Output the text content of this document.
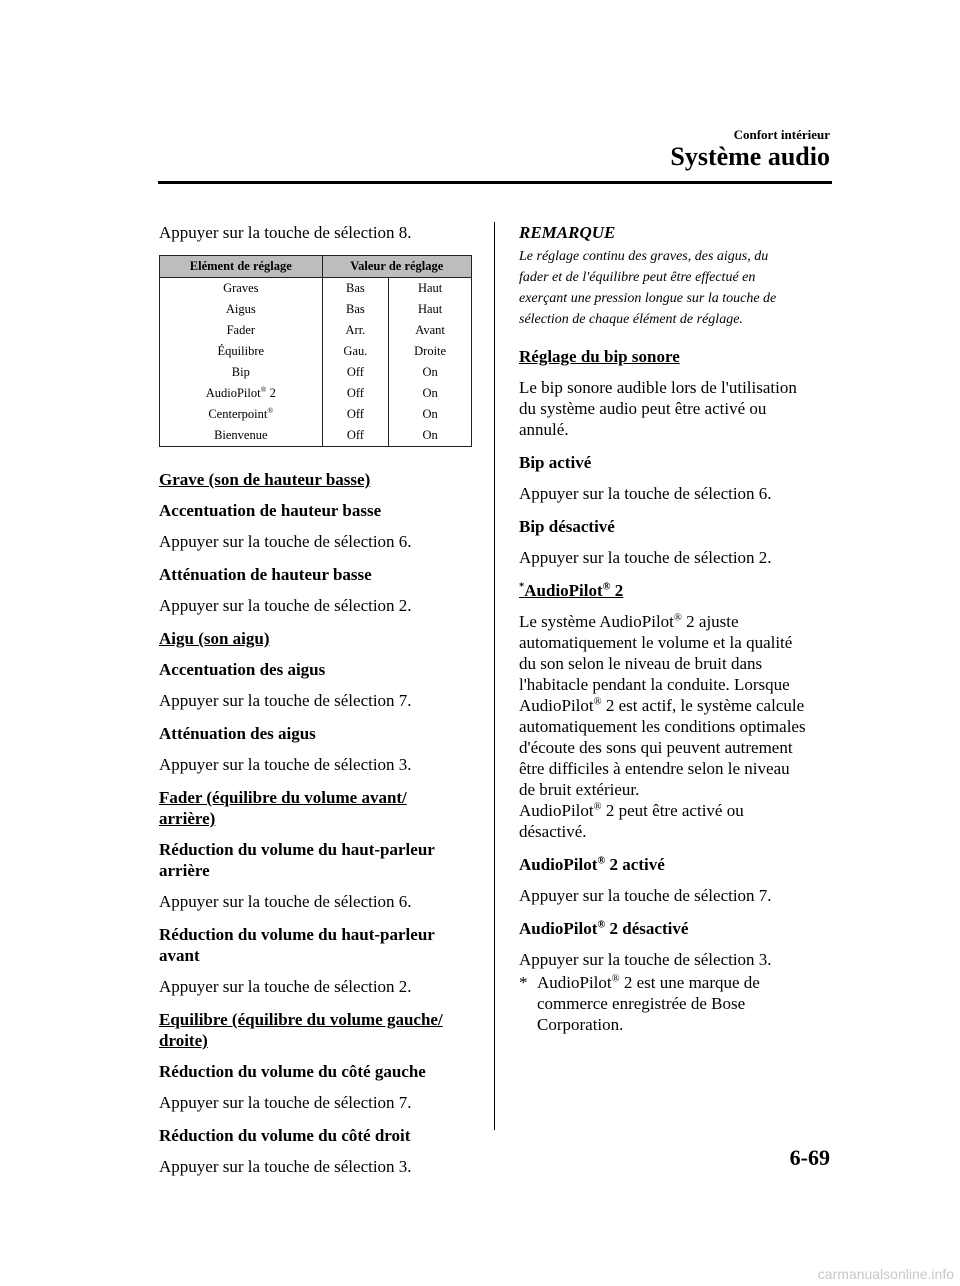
Confort intérieur
Système audio

Appuyer sur la touche de sélection 8.

Elément de réglage	Valeur de réglage	
Graves	Bas	Haut
Aigus	Bas	Haut
Fader	Arr.	Avant
Équilibre	Gau.	Droite
Bip	Off	On
AudioPilot® 2	Off	On
Centerpoint®	Off	On
Bienvenue	Off	On

Grave (son de hauteur basse)

Accentuation de hauteur basse

Appuyer sur la touche de sélection 6.

Atténuation de hauteur basse

Appuyer sur la touche de sélection 2.

Aigu (son aigu)

Accentuation des aigus

Appuyer sur la touche de sélection 7.

Atténuation des aigus

Appuyer sur la touche de sélection 3.

Fader (équilibre du volume avant/
arrière)

Réduction du volume du haut-parleur
arrière

Appuyer sur la touche de sélection 6.

Réduction du volume du haut-parleur
avant

Appuyer sur la touche de sélection 2.

Equilibre (équilibre du volume gauche/
droite)

Réduction du volume du côté gauche

Appuyer sur la touche de sélection 7.

Réduction du volume du côté droit

Appuyer sur la touche de sélection 3.

REMARQUE

Le réglage continu des graves, des aigus, du
fader et de l'équilibre peut être effectué en
exerçant une pression longue sur la touche de
sélection de chaque élément de réglage.

Réglage du bip sonore

Le bip sonore audible lors de l'utilisation
du système audio peut être activé ou
annulé.

Bip activé

Appuyer sur la touche de sélection 6.

Bip désactivé

Appuyer sur la touche de sélection 2.

*AudioPilot® 2

Le système AudioPilot® 2 ajuste
automatiquement le volume et la qualité
du son selon le niveau de bruit dans
l'habitacle pendant la conduite. Lorsque
AudioPilot® 2 est actif, le système calcule
automatiquement les conditions optimales
d'écoute des sons qui peuvent autrement
être difficiles à entendre selon le niveau
de bruit extérieur.
AudioPilot® 2 peut être activé ou
désactivé.

AudioPilot® 2 activé

Appuyer sur la touche de sélection 7.

AudioPilot® 2 désactivé

Appuyer sur la touche de sélection 3.

* AudioPilot® 2 est une marque de
commerce enregistrée de Bose
Corporation.
6-69
carmanualsonline.info
